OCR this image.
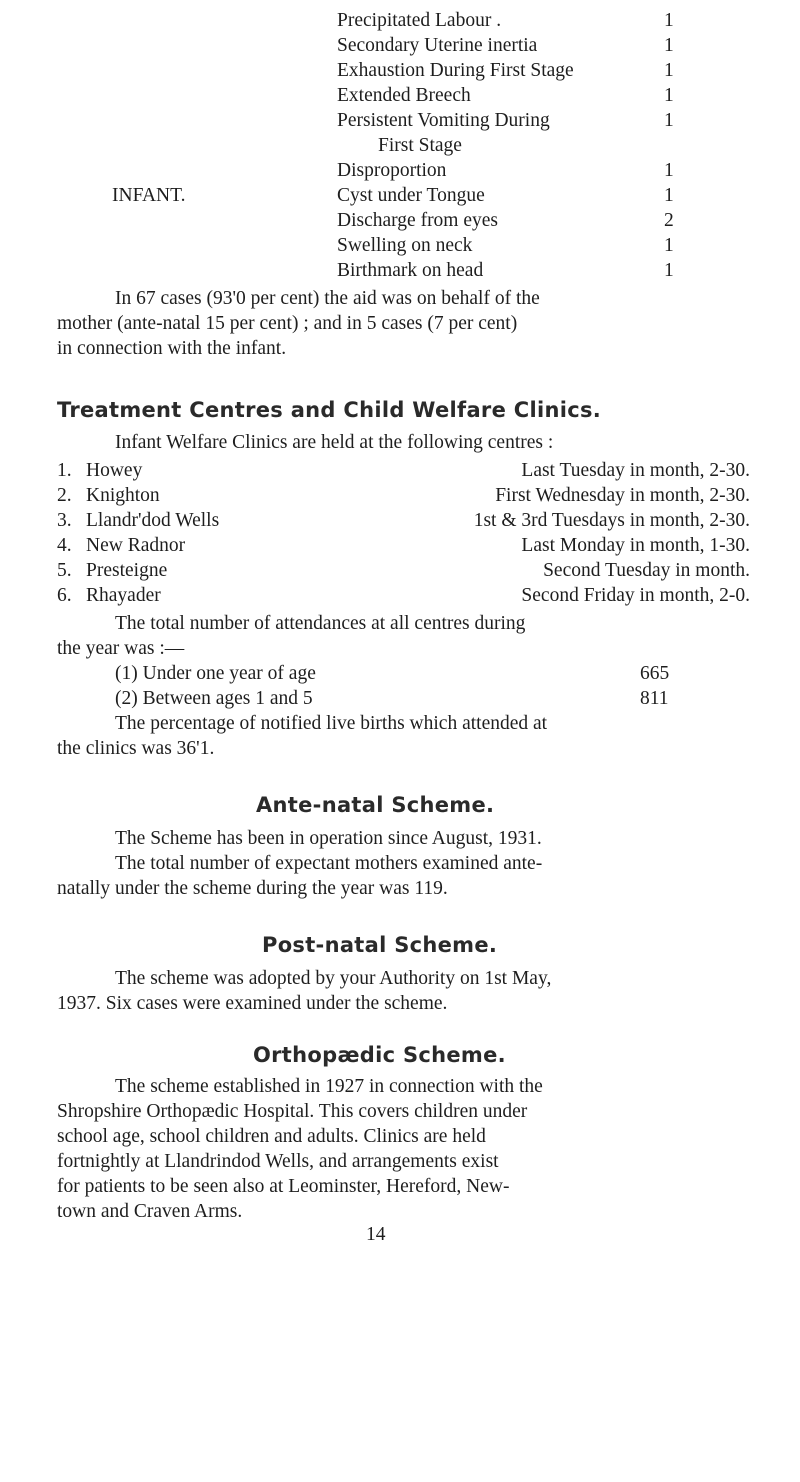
Precipitated Labour .	1
Secondary Uterine inertia	1
Exhaustion During First Stage	1
Extended Breech	1
Persistent Vomiting During	1
First Stage
Disproportion	1
INFANT.	Cyst under Tongue	1
Discharge from eyes	2
Swelling on neck	1
Birthmark on head	1
In 67 cases (93'0 per cent) the aid was on behalf of the
mother (ante-natal 15 per cent) ; and in 5 cases (7 per cent)
in connection with the infant.
Treatment Centres and Child Welfare Clinics.
Infant Welfare Clinics are held at the following centres :
1. Howey	Last Tuesday in month, 2-30.
2. Knighton	First Wednesday in month, 2-30.
3. Llandr'dod Wells	1st & 3rd Tuesdays in month, 2-30.
4. New Radnor	Last Monday in month, 1-30.
5. Presteigne	Second Tuesday in month.
6. Rhayader	Second Friday in month, 2-0.
The total number of attendances at all centres during
the year was :—
(1) Under one year of age	665
(2) Between ages 1 and 5	811
The percentage of notified live births which attended at
the clinics was 36'1.
Ante-natal Scheme.
The Scheme has been in operation since August, 1931.
The total number of expectant mothers examined ante-
natally under the scheme during the year was 119.
Post-natal Scheme.
The scheme was adopted by your Authority on 1st May,
1937. Six cases were examined under the scheme.
Orthopædic Scheme.
The scheme established in 1927 in connection with the
Shropshire Orthopædic Hospital. This covers children under
school age, school children and adults. Clinics are held
fortnightly at Llandrindod Wells, and arrangements exist
for patients to be seen also at Leominster, Hereford, New-
town and Craven Arms.
14
